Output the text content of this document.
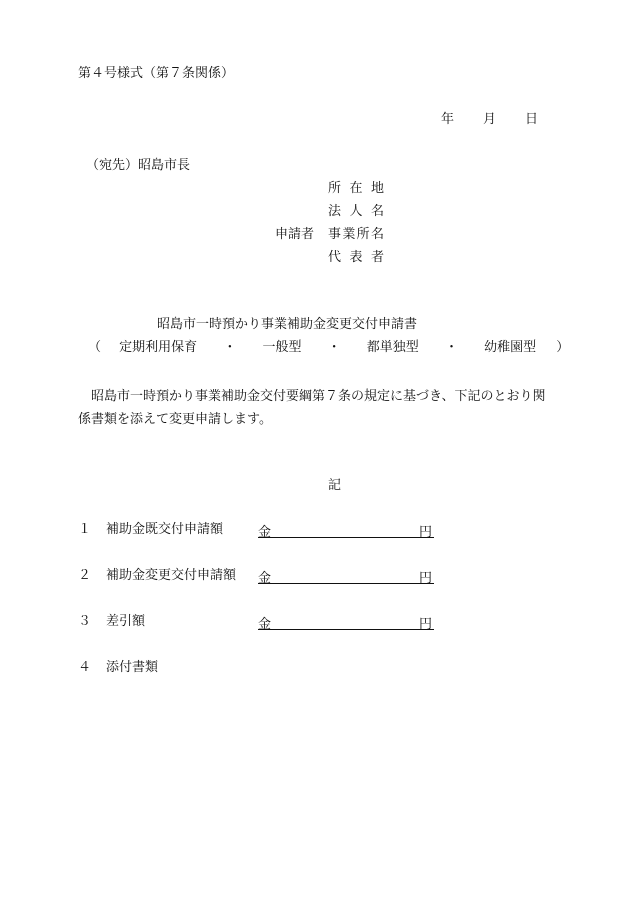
第４号様式（第７条関係）
年 月 日
（宛先）昭島市長
所在地
法人名
申請者 事業所名
代表者
昭島市一時預かり事業補助金変更交付申請書
（ 定期利用保育 ・ 一般型 ・ 都単独型 ・ 幼稚園型 ）
昭島市一時預かり事業補助金交付要綱第７条の規定に基づき、下記のとおり関係書類を添えて変更申請します。
記
１ 補助金既交付申請額	金	円
２ 補助金変更交付申請額 金	円
３ 差引額	金	円
４ 添付書類
